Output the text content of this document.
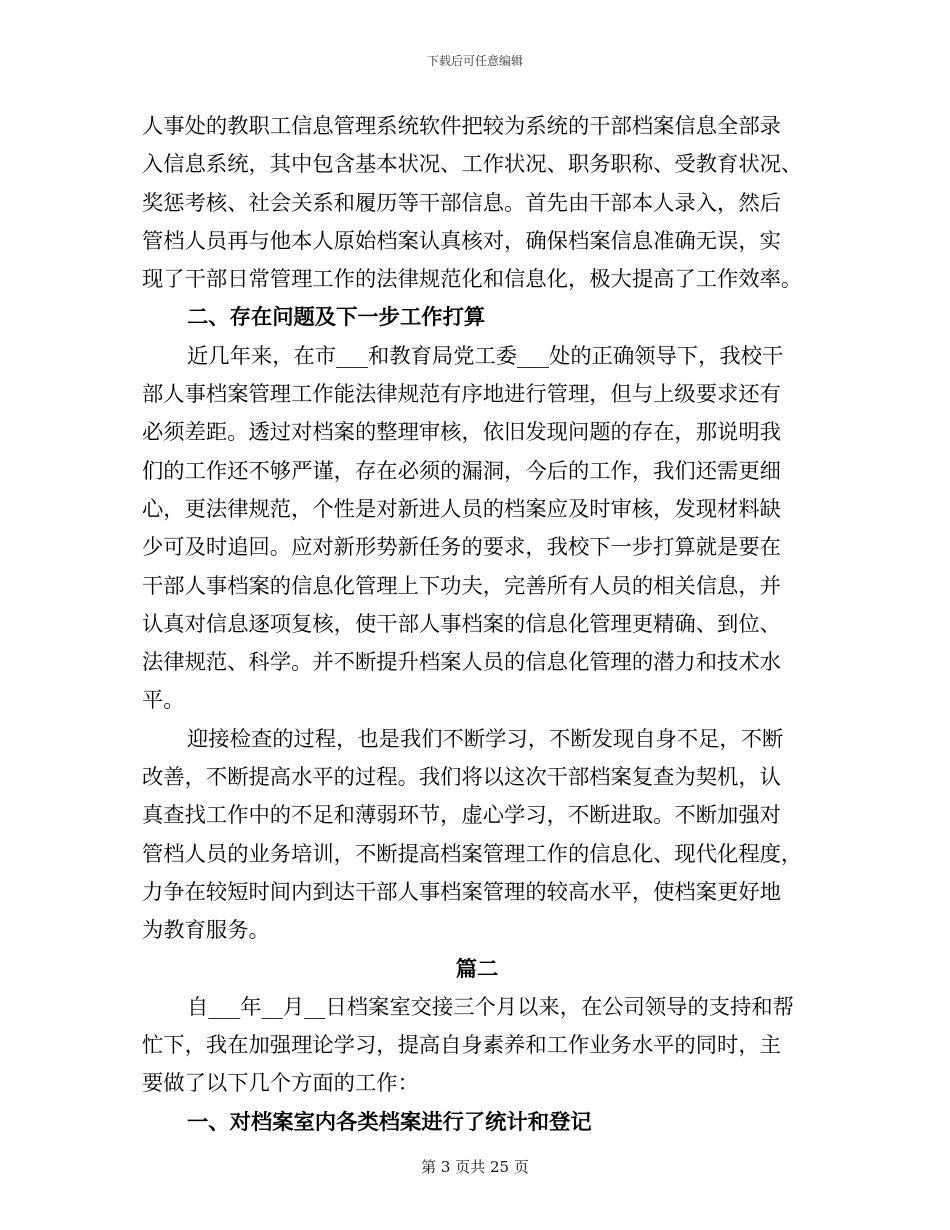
下载后可任意编辑
人事处的教职工信息管理系统软件把较为系统的干部档案信息全部录
入信息系统，其中包含基本状况、工作状况、职务职称、受教育状况、
奖惩考核、社会关系和履历等干部信息。首先由干部本人录入，然后
管档人员再与他本人原始档案认真核对，确保档案信息准确无误，实
现了干部日常管理工作的法律规范化和信息化，极大提高了工作效率。
二、存在问题及下一步工作打算
近几年来，在市___和教育局党工委___处的正确领导下，我校干
部人事档案管理工作能法律规范有序地进行管理，但与上级要求还有
必须差距。透过对档案的整理审核，依旧发现问题的存在，那说明我
们的工作还不够严谨，存在必须的漏洞，今后的工作，我们还需更细
心，更法律规范，个性是对新进人员的档案应及时审核，发现材料缺
少可及时追回。应对新形势新任务的要求，我校下一步打算就是要在
干部人事档案的信息化管理上下功夫，完善所有人员的相关信息，并
认真对信息逐项复核，使干部人事档案的信息化管理更精确、到位、
法律规范、科学。并不断提升档案人员的信息化管理的潜力和技术水
平。
迎接检查的过程，也是我们不断学习，不断发现自身不足，不断
改善，不断提高水平的过程。我们将以这次干部档案复查为契机，认
真查找工作中的不足和薄弱环节，虚心学习，不断进取。不断加强对
管档人员的业务培训，不断提高档案管理工作的信息化、现代化程度，
力争在较短时间内到达干部人事档案管理的较高水平，使档案更好地
为教育服务。
篇二
自___年__月__日档案室交接三个月以来，在公司领导的支持和帮
忙下，我在加强理论学习，提高自身素养和工作业务水平的同时，主
要做了以下几个方面的工作：
一、对档案室内各类档案进行了统计和登记
第 3 页共 25 页
